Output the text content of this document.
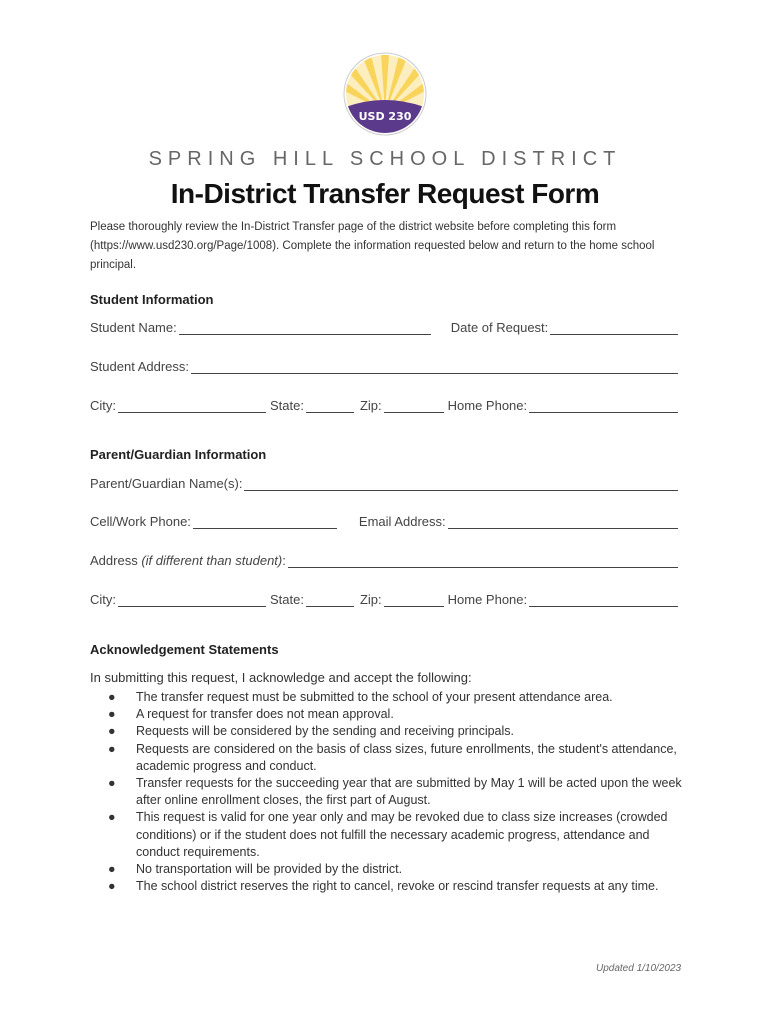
USD 230
SPRING HILL SCHOOL DISTRICT
In-District Transfer Request Form
Please thoroughly review the In-District Transfer page of the district website before completing this form (https://www.usd230.org/Page/1008). Complete the information requested below and return to the home school principal.
Student Information
Student Name:	Date of Request:
Student Address:
City:	State:	Zip:	Home Phone:
Parent/Guardian Information
Parent/Guardian Name(s):
Cell/Work Phone:	Email Address:
Address
(if different than student) :
City:	State:	Zip:	Home Phone:
Acknowledgement Statements
In submitting this request, I acknowledge and accept the following:
● The transfer request must be submitted to the school of your present attendance area.
● A request for transfer does not mean approval.
● Requests will be considered by the sending and receiving principals.
● Requests are considered on the basis of class sizes, future enrollments, the student's attendance, academic progress and conduct.
● Transfer requests for the succeeding year that are submitted by May 1 will be acted upon the week after online enrollment closes, the first part of August.
● This request is valid for one year only and may be revoked due to class size increases (crowded conditions) or if the student does not fulfill the necessary academic progress, attendance and conduct requirements.
● No transportation will be provided by the district.
● The school district reserves the right to cancel, revoke or rescind transfer requests at any time.
Updated 1/10/2023
